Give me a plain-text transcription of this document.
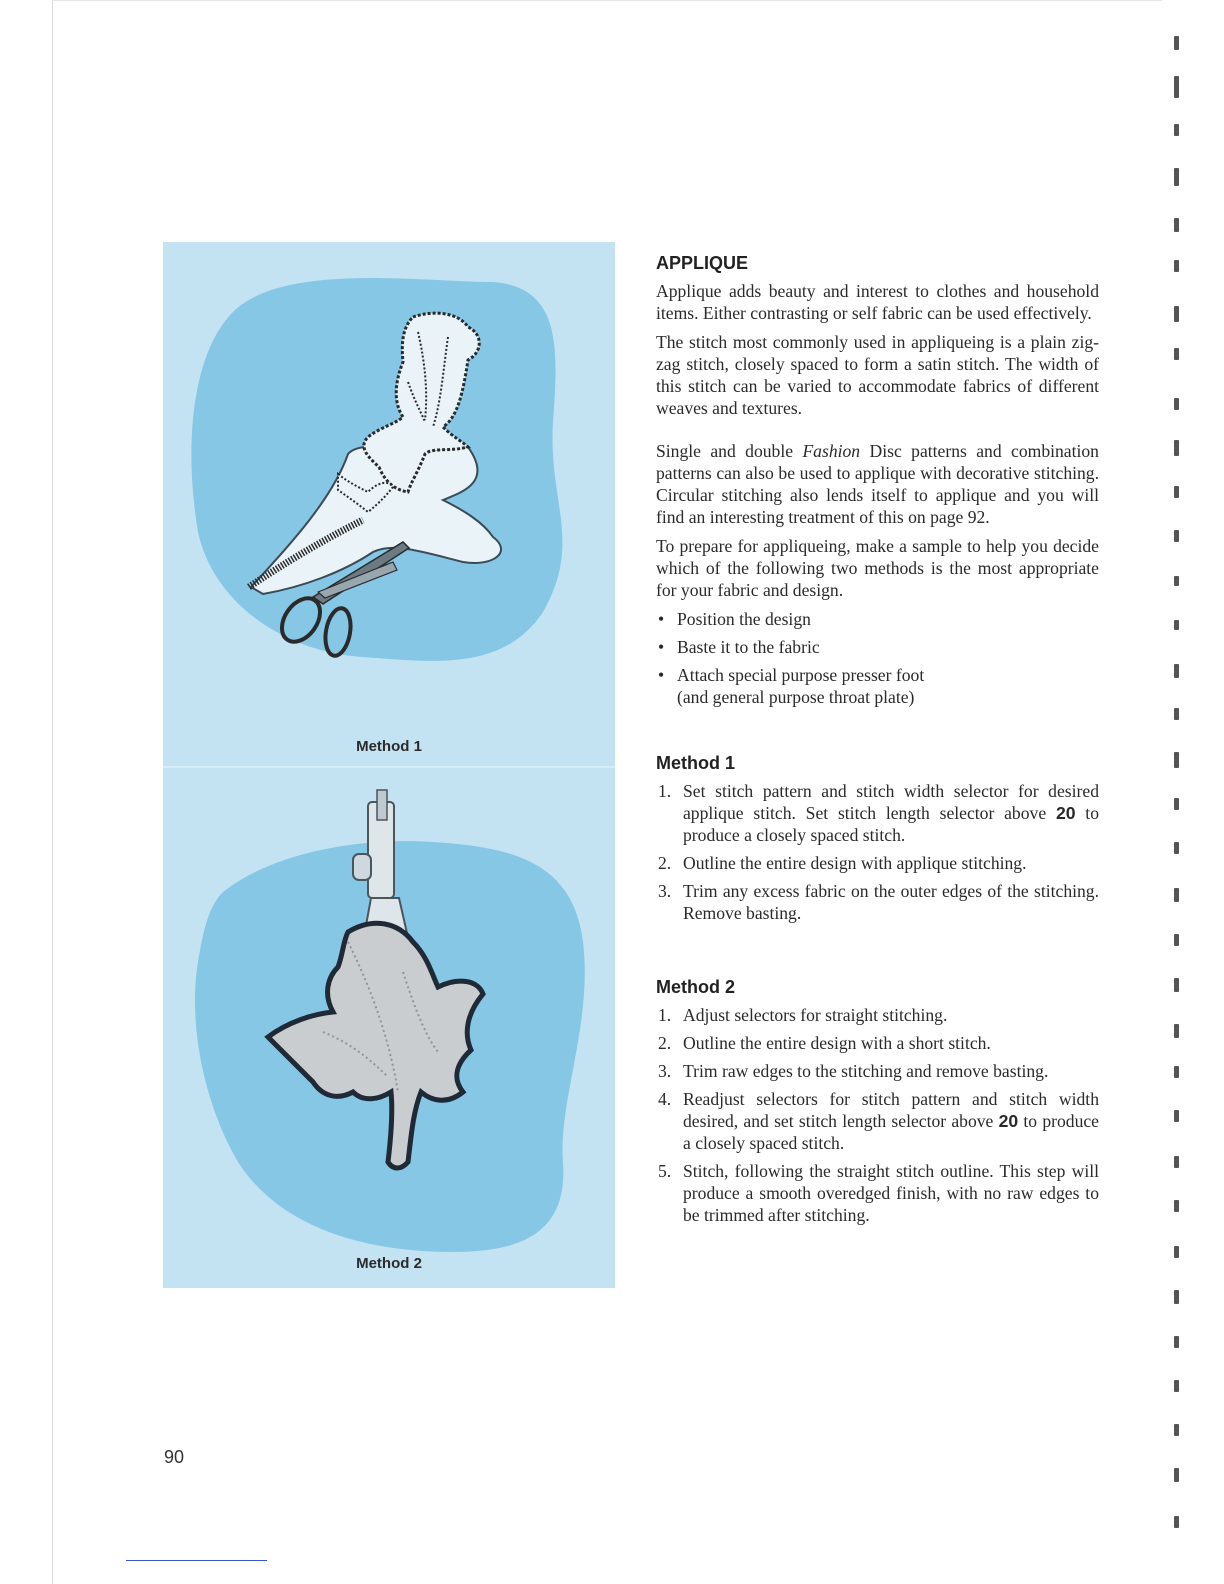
Method 1
Method 2
APPLIQUE

Applique adds beauty and interest to clothes and household items. Either contrasting or self fabric can be used effectively.

The stitch most commonly used in appliqueing is a plain zig-zag stitch, closely spaced to form a satin stitch. The width of this stitch can be varied to accommodate fabrics of different weaves and textures.

Single and double Fashion Disc patterns and combination patterns can also be used to applique with decorative stitching. Circular stitching also lends itself to applique and you will find an interesting treatment of this on page 92.

To prepare for appliqueing, make a sample to help you decide which of the following two methods is the most appropriate for your fabric and design.

• Position the design
• Baste it to the fabric
• Attach special purpose presser foot
(and general purpose throat plate)
Method 1
1. Set stitch pattern and stitch width selector for desired applique stitch. Set stitch length selector above 20 to produce a closely spaced stitch.
2. Outline the entire design with applique stitching.
3. Trim any excess fabric on the outer edges of the stitching. Remove basting.
Method 2
1. Adjust selectors for straight stitching.
2. Outline the entire design with a short stitch.
3. Trim raw edges to the stitching and remove basting.
4. Readjust selectors for stitch pattern and stitch width desired, and set stitch length selector above 20 to produce a closely spaced stitch.
5. Stitch, following the straight stitch outline. This step will produce a smooth overedged finish, with no raw edges to be trimmed after stitching.
90
